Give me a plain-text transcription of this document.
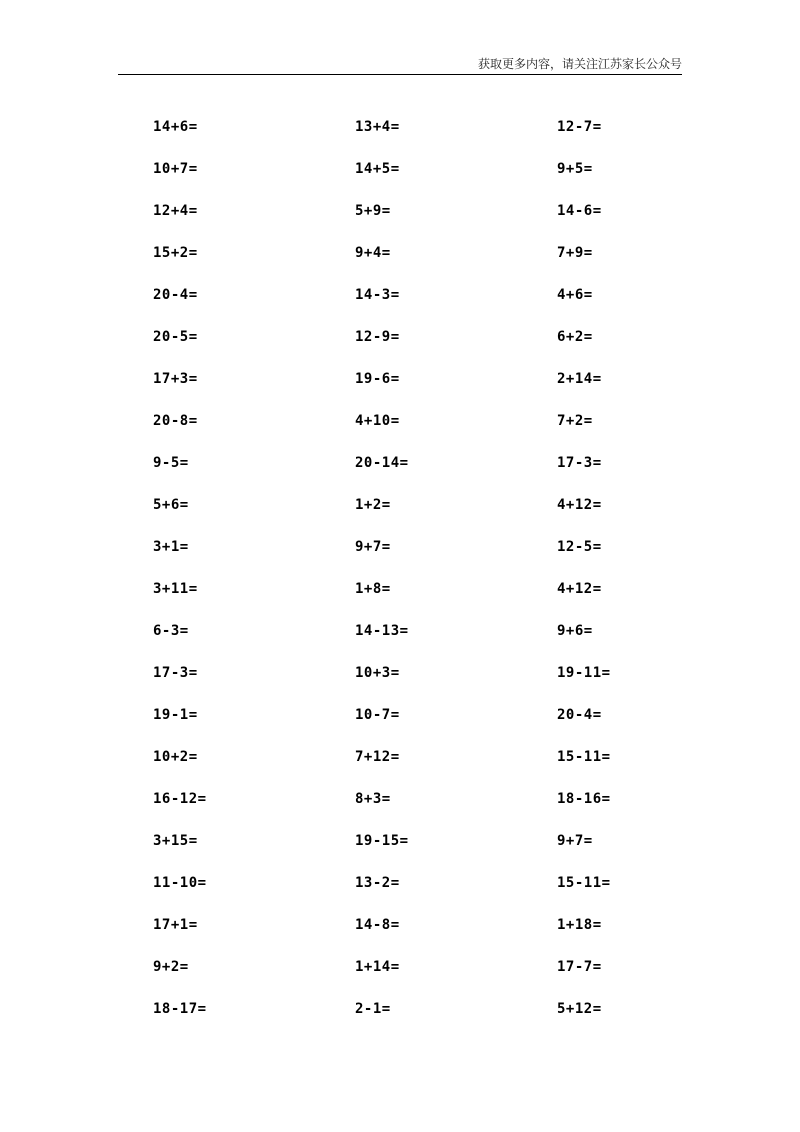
获取更多内容，请关注江苏家长公众号
14+6=
10+7=
12+4=
15+2=
20-4=
20-5=
17+3=
20-8=
9-5=
5+6=
3+1=
3+11=
6-3=
17-3=
19-1=
10+2=
16-12=
3+15=
11-10=
17+1=
9+2=
18-17=
13+4=
14+5=
5+9=
9+4=
14-3=
12-9=
19-6=
4+10=
20-14=
1+2=
9+7=
1+8=
14-13=
10+3=
10-7=
7+12=
8+3=
19-15=
13-2=
14-8=
1+14=
2-1=
12-7=
9+5=
14-6=
7+9=
4+6=
6+2=
2+14=
7+2=
17-3=
4+12=
12-5=
4+12=
9+6=
19-11=
20-4=
15-11=
18-16=
9+7=
15-11=
1+18=
17-7=
5+12=
